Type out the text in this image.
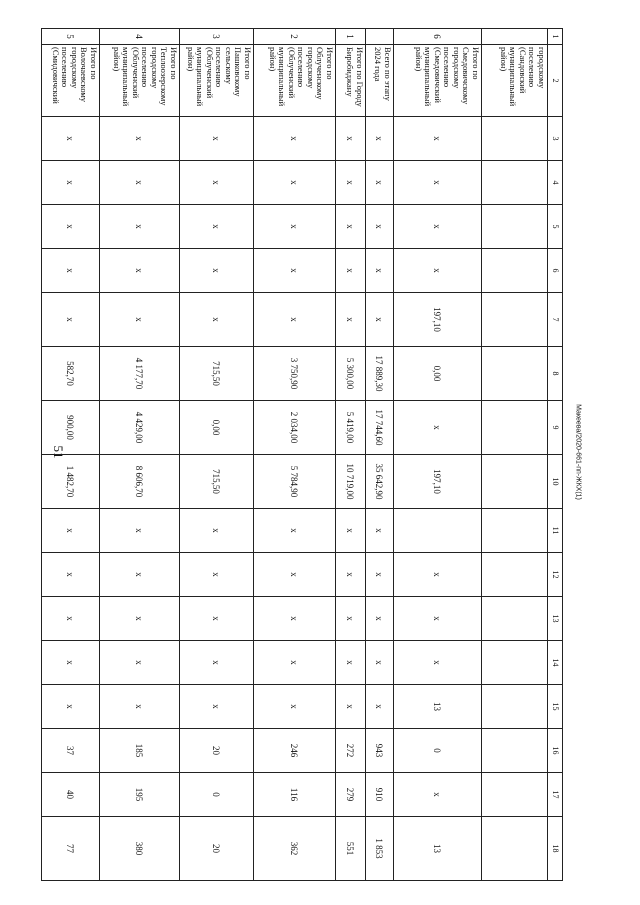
51	Макеева/2020-661-пп-ЖКХ(1)
1	2	3	4	5	6	7	8	9	10	11	12	13	14	15	16	17	18
	городскому поселению (Сандовский муниципальный район)																
6	Итого по Смедовичскому городскому поселению (Смедовичский муниципальный район)	x	x	x	x	197,10	0,00	x	197,10		x	x	x	13	0	x	13
	Всего по этапу 2024 года	x	x	x	x	x	17 889,30	17 744,60	35 642,90	x	x	x	x	x	943	910	1 853
1	Итого по Городу Биробиджану	x	x	x	x	x	5 300,00	5 419,00	10 719,00	x	x	x	x	x	272	279	551
2	Итого по Облученскому городскому поселению (Облученский муниципальный район)	x	x	x	x	x	3 750,90	2 034,00	5 784,90	x	x	x	x	x	246	116	362
3	Итого по Пашковскому сельскому поселению (Облученский муниципальный район)	x	x	x	x	x	715,50	0,00	715,50	x	x	x	x	x	20	0	20
4	Итого по Теплоозерскому городскому поселению (Облученский муниципальный район)	x	x	x	x	x	4 177,70	4 429,00	8 606,70	x	x	x	x	x	185	195	380
5	Итого по Волочаевскому городскому поселению (Смидовичский	x	x	x	x	x	582,70	900,00	1 482,70	x	x	x	x	x	37	40	77
